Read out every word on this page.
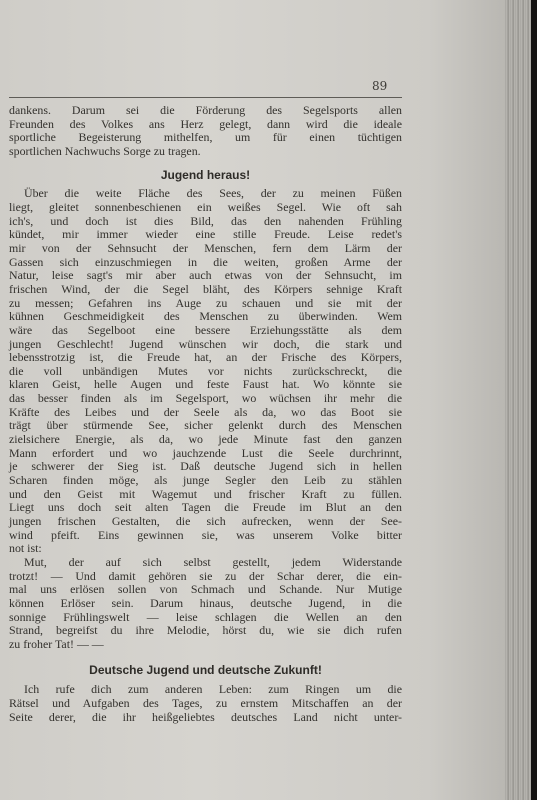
89
dankens. Darum sei die Förderung des Segelsports allen
Freunden des Volkes ans Herz gelegt, dann wird die ideale
sportliche Begeisterung mithelfen, um für einen tüchtigen
sportlichen Nachwuchs Sorge zu tragen.
Jugend heraus!
Über die weite Fläche des Sees, der zu meinen Füßen
liegt, gleitet sonnenbeschienen ein weißes Segel. Wie oft sah
ich's, und doch ist dies Bild, das den nahenden Frühling
kündet, mir immer wieder eine stille Freude. Leise redet's
mir von der Sehnsucht der Menschen, fern dem Lärm der
Gassen sich einzuschmiegen in die weiten, großen Arme der
Natur, leise sagt's mir aber auch etwas von der Sehnsucht, im
frischen Wind, der die Segel bläht, des Körpers sehnige Kraft
zu messen; Gefahren ins Auge zu schauen und sie mit der
kühnen Geschmeidigkeit des Menschen zu überwinden. Wem
wäre das Segelboot eine bessere Erziehungsstätte als dem
jungen Geschlecht! Jugend wünschen wir doch, die stark und
lebensstrotzig ist, die Freude hat, an der Frische des Körpers,
die voll unbändigen Mutes vor nichts zurückschreckt, die
klaren Geist, helle Augen und feste Faust hat. Wo könnte sie
das besser finden als im Segelsport, wo wüchsen ihr mehr die
Kräfte des Leibes und der Seele als da, wo das Boot sie
trägt über stürmende See, sicher gelenkt durch des Menschen
zielsichere Energie, als da, wo jede Minute fast den ganzen
Mann erfordert und wo jauchzende Lust die Seele durchrinnt,
je schwerer der Sieg ist. Daß deutsche Jugend sich in hellen
Scharen finden möge, als junge Segler den Leib zu stählen
und den Geist mit Wagemut und frischer Kraft zu füllen.
Liegt uns doch seit alten Tagen die Freude im Blut an den
jungen frischen Gestalten, die sich aufrecken, wenn der See-
wind pfeift. Eins gewinnen sie, was unserem Volke bitter
not ist:
Mut, der auf sich selbst gestellt, jedem Widerstande
trotzt! — Und damit gehören sie zu der Schar derer, die ein-
mal uns erlösen sollen von Schmach und Schande. Nur Mutige
können Erlöser sein. Darum hinaus, deutsche Jugend, in die
sonnige Frühlingswelt — leise schlagen die Wellen an den
Strand, begreifst du ihre Melodie, hörst du, wie sie dich rufen
zu froher Tat! — —
Deutsche Jugend und deutsche Zukunft!
Ich rufe dich zum anderen Leben: zum Ringen um die
Rätsel und Aufgaben des Tages, zu ernstem Mitschaffen an der
Seite derer, die ihr heißgeliebtes deutsches Land nicht unter-
